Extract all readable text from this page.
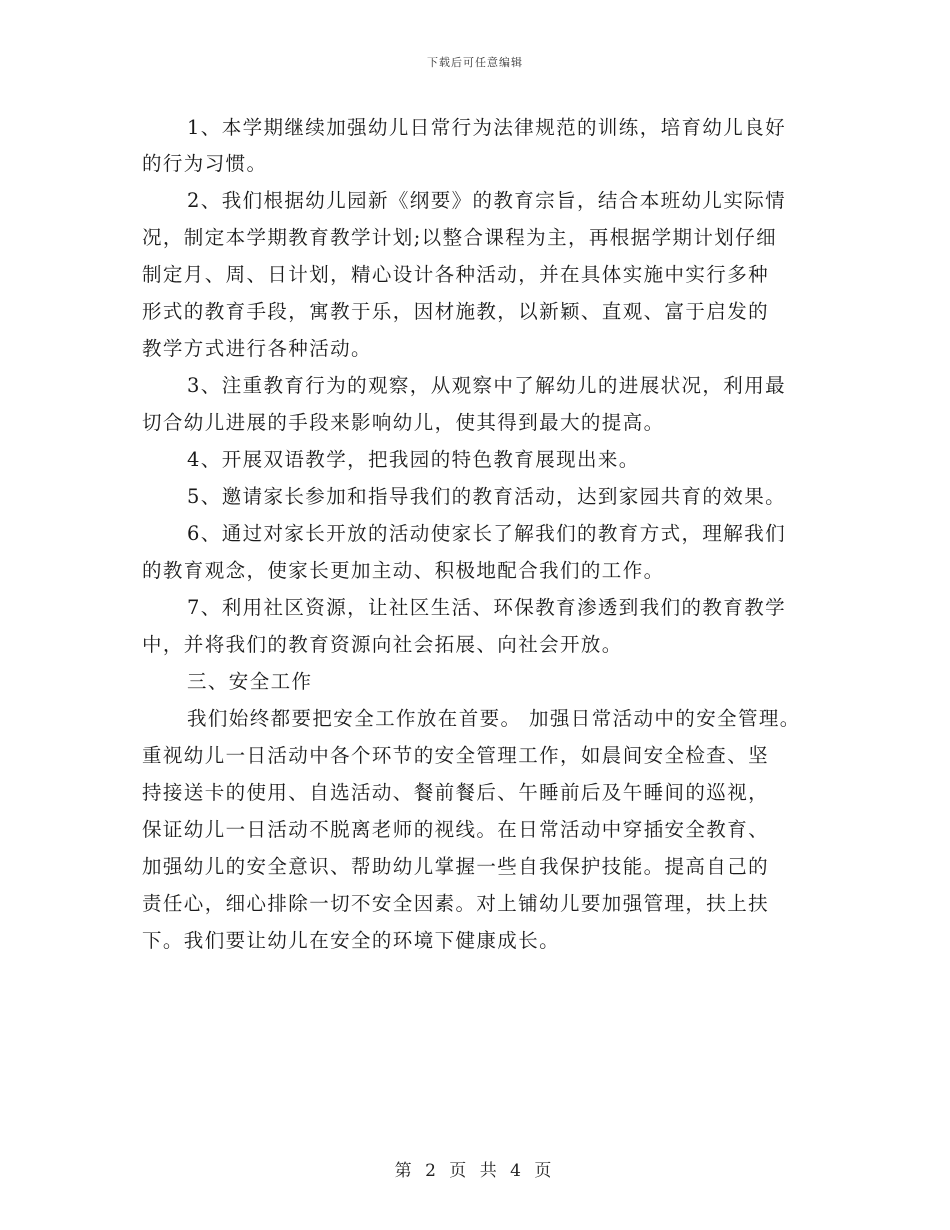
下载后可任意编辑
1、本学期继续加强幼儿日常行为法律规范的训练，培育幼儿良好
的行为习惯。
2、我们根据幼儿园新《纲要》的教育宗旨，结合本班幼儿实际情
况，制定本学期教育教学计划;以整合课程为主，再根据学期计划仔细
制定月、周、日计划，精心设计各种活动，并在具体实施中实行多种
形式的教育手段，寓教于乐，因材施教，以新颖、直观、富于启发的
教学方式进行各种活动。
3、注重教育行为的观察，从观察中了解幼儿的进展状况，利用最
切合幼儿进展的手段来影响幼儿，使其得到最大的提高。
4、开展双语教学，把我园的特色教育展现出来。
5、邀请家长参加和指导我们的教育活动，达到家园共育的效果。
6、通过对家长开放的活动使家长了解我们的教育方式，理解我们
的教育观念，使家长更加主动、积极地配合我们的工作。
7、利用社区资源，让社区生活、环保教育渗透到我们的教育教学
中，并将我们的教育资源向社会拓展、向社会开放。
三、安全工作
我们始终都要把安全工作放在首要。 加强日常活动中的安全管理。
重视幼儿一日活动中各个环节的安全管理工作，如晨间安全检查、坚
持接送卡的使用、自选活动、餐前餐后、午睡前后及午睡间的巡视，
保证幼儿一日活动不脱离老师的视线。在日常活动中穿插安全教育、
加强幼儿的安全意识、帮助幼儿掌握一些自我保护技能。提高自己的
责任心，细心排除一切不安全因素。对上铺幼儿要加强管理，扶上扶
下。我们要让幼儿在安全的环境下健康成长。
第 2 页 共 4 页
